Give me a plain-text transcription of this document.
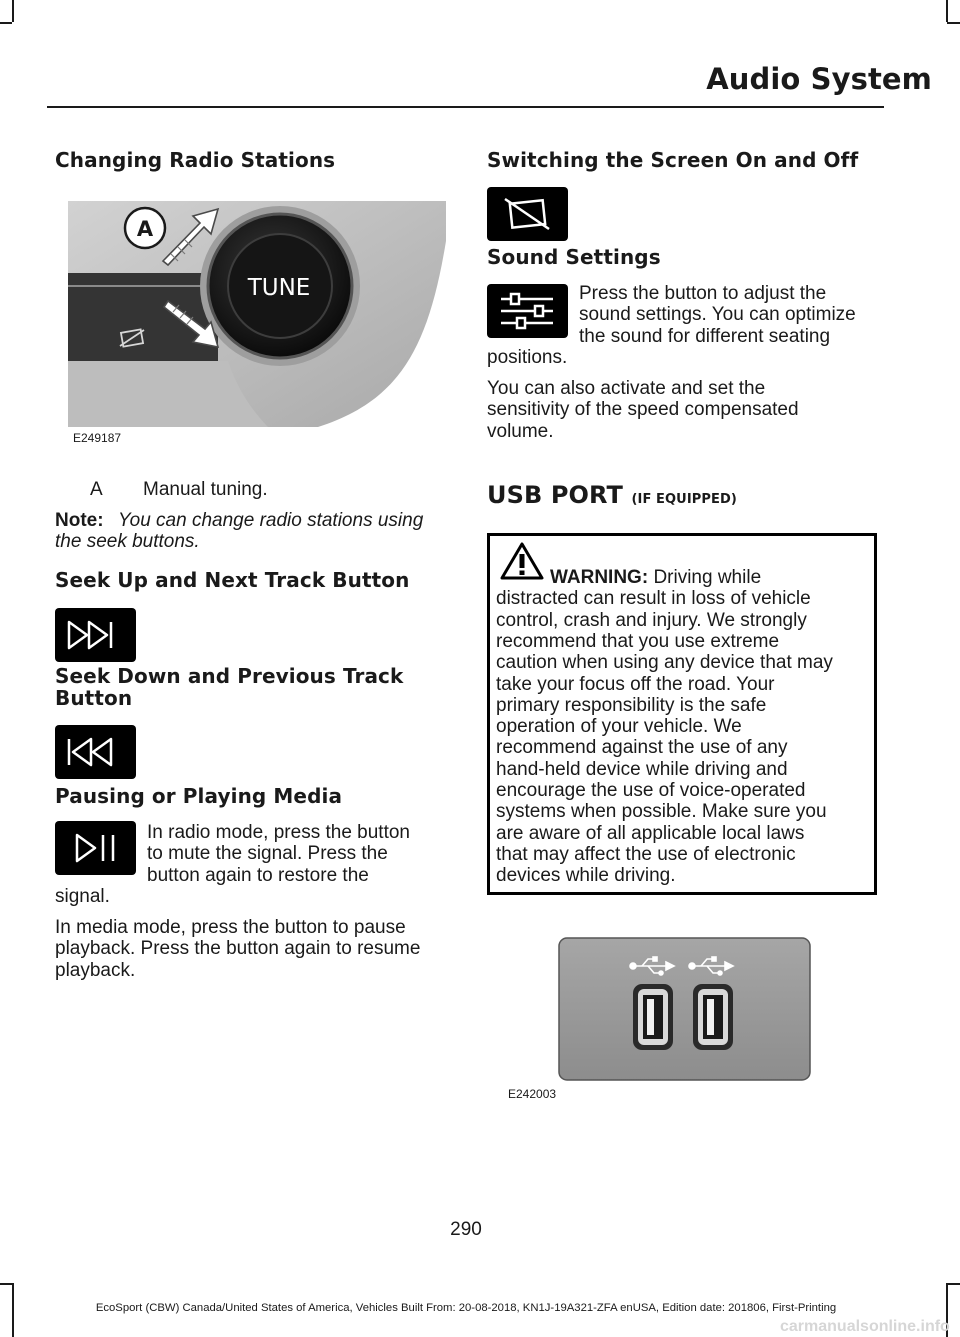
Audio System
Changing Radio Stations
TUNE
A
E249187
A Manual tuning.
Note: You can change radio stations using
the seek buttons.
Seek Up and Next Track Button
Seek Down and Previous Track
Button
Pausing or Playing Media
In radio mode, press the button
to mute the signal. Press the
button again to restore the
signal.
In media mode, press the button to pause
playback. Press the button again to resume
playback.
Switching the Screen On and Off
Sound Settings
Press the button to adjust the
sound settings. You can optimize
the sound for different seating
positions.
You can also activate and set the
sensitivity of the speed compensated
volume.
USB PORT (IF EQUIPPED)
WARNING: Driving while
distracted can result in loss of vehicle
control, crash and injury. We strongly
recommend that you use extreme
caution when using any device that may
take your focus off the road. Your
primary responsibility is the safe
operation of your vehicle. We
recommend against the use of any
hand-held device while driving and
encourage the use of voice-operated
systems when possible. Make sure you
are aware of all applicable local laws
that may affect the use of electronic
devices while driving.
E242003
290
EcoSport (CBW) Canada/United States of America, Vehicles Built From: 20-08-2018, KN1J-19A321-ZFA enUSA, Edition date: 201806, First-Printing
carmanualsonline.info
